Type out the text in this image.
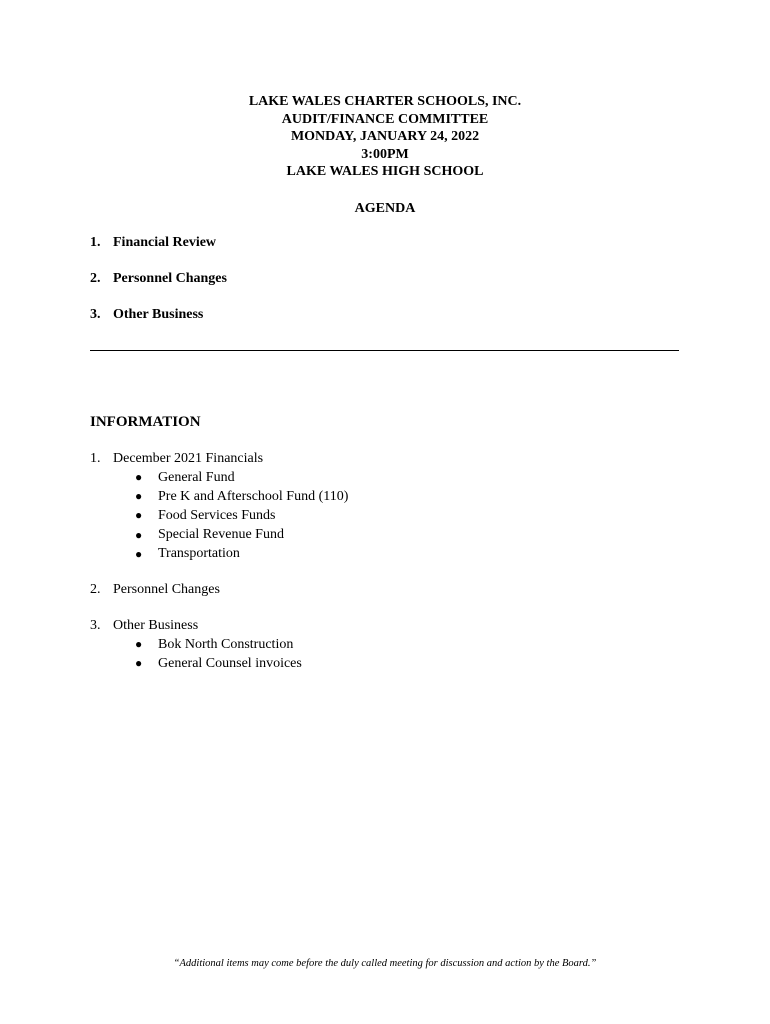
LAKE WALES CHARTER SCHOOLS, INC.
AUDIT/FINANCE COMMITTEE
MONDAY, JANUARY 24, 2022
3:00PM
LAKE WALES HIGH SCHOOL
AGENDA
1. Financial Review
2. Personnel Changes
3. Other Business
INFORMATION
1. December 2021 Financials
●	General Fund
●	Pre K and Afterschool Fund (110)
●	Food Services Funds
●	Special Revenue Fund
●	Transportation
2. Personnel Changes
3. Other Business
●	Bok North Construction
●	General Counsel invoices
“Additional items may come before the duly called meeting for discussion and action by the Board.”
